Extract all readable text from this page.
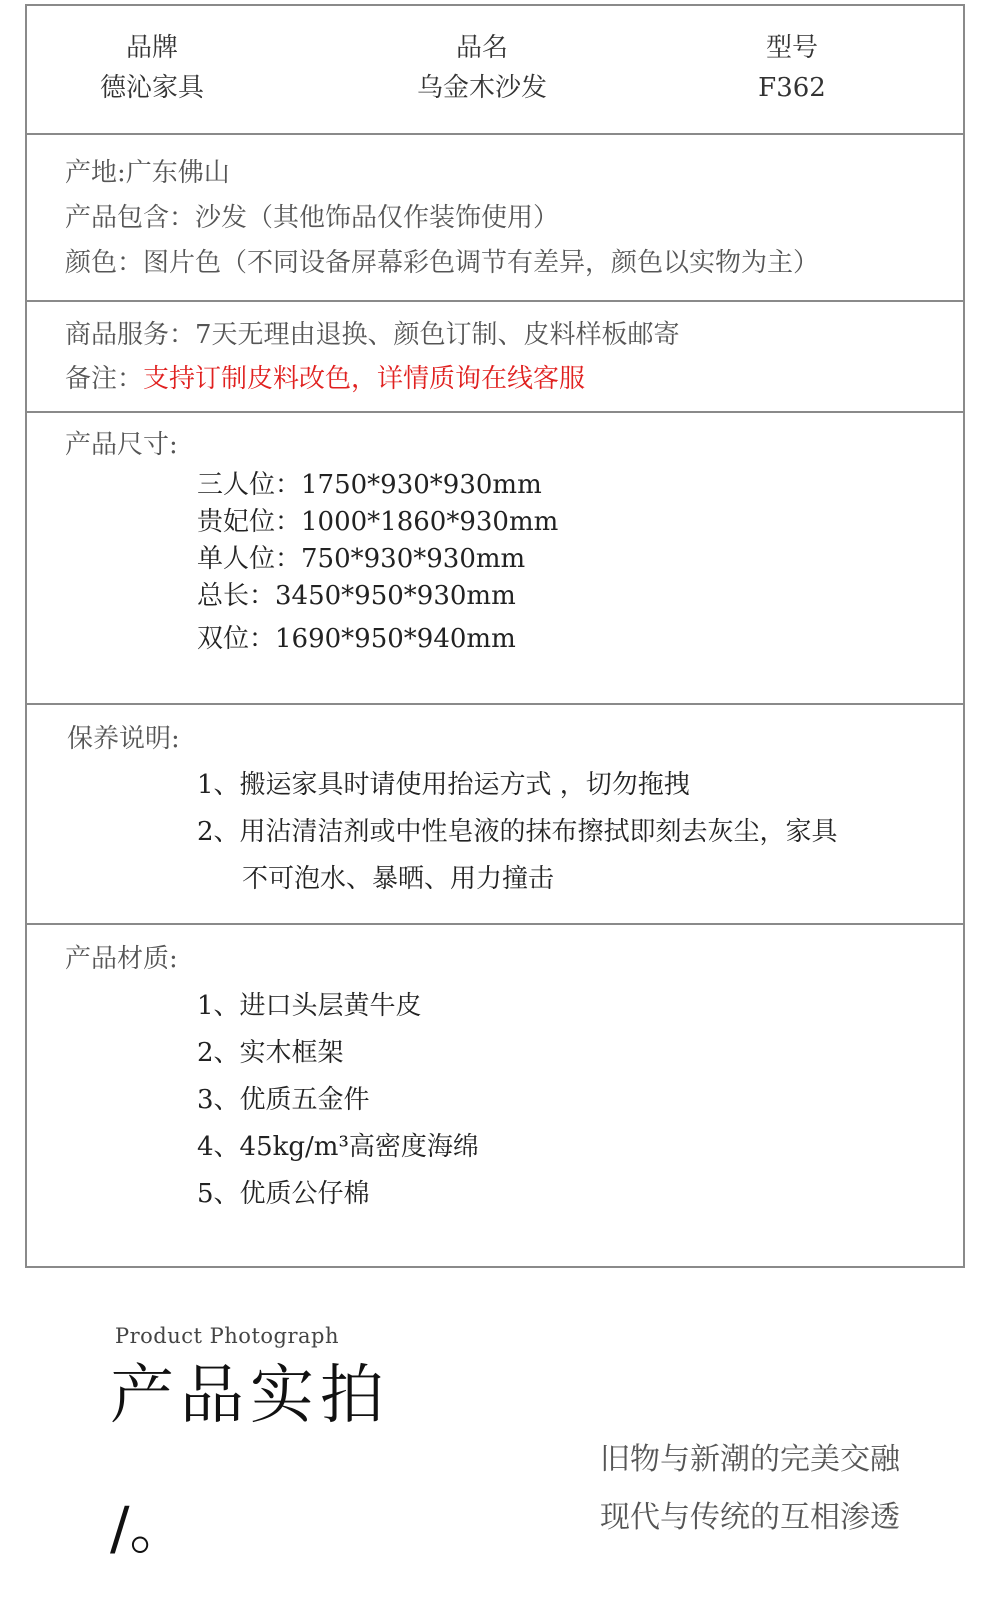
品牌
德沁家具
品名
乌金木沙发
型号
F362
产地:广东佛山
产品包含：沙发（其他饰品仅作装饰使用）
颜色：图片色（不同设备屏幕彩色调节有差异，颜色以实物为主）
商品服务：7天无理由退换、颜色订制、皮料样板邮寄
备注：支持订制皮料改色，详情质询在线客服
产品尺寸:
三人位：1750*930*930mm
贵妃位：1000*1860*930mm
单人位：750*930*930mm
总长：3450*950*930mm
双位：1690*950*940mm
保养说明:
1、搬运家具时请使用抬运方式 ，切勿拖拽
2、用沾清洁剂或中性皂液的抹布擦拭即刻去灰尘，家具
不可泡水、暴晒、用力撞击
产品材质:
1、进口头层黄牛皮
2、实木框架
3、优质五金件
4、45kg/m³高密度海绵
5、优质公仔棉
Product Photograph
产品实拍
/。
旧物与新潮的完美交融
现代与传统的互相渗透
